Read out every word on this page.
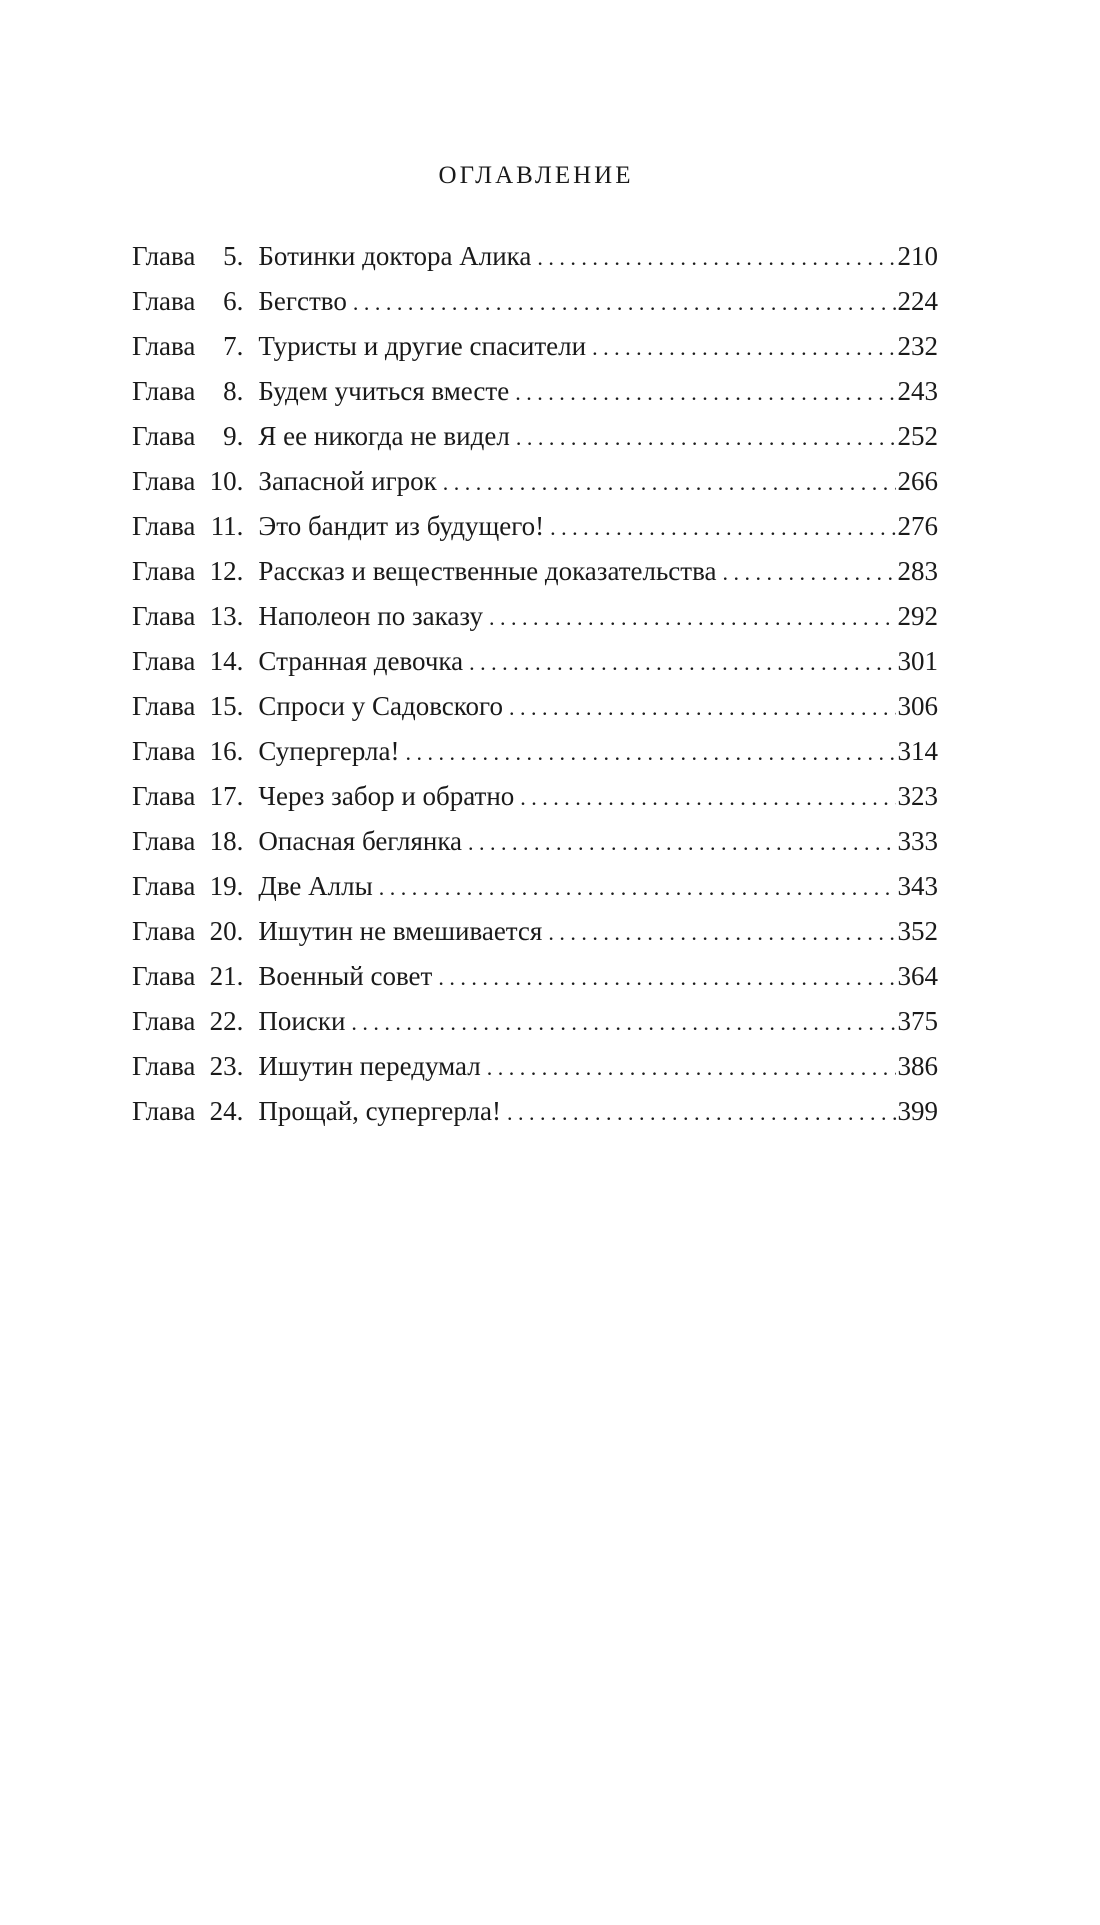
ОГЛАВЛЕНИЕ
Глава	5. Ботинки доктора Алика . . .	210
Глава	6. Бегство . . .	224
Глава	7. Туристы и другие спасители . . .	232
Глава	8. Будем учиться вместе . . .	243
Глава	9. Я ее никогда не видел . . .	252
Глава 10. Запасной игрок . . .	266
Глава 11. Это бандит из будущего! . . .	276
Глава 12. Рассказ и вещественные доказательства . . .	283
Глава 13. Наполеон по заказу . . .	292
Глава 14. Странная девочка . . .	301
Глава 15. Спроси у Садовского . . .	306
Глава 16. Супергерла! . . .	314
Глава 17. Через забор и обратно . . .	323
Глава 18. Опасная беглянка . . .	333
Глава 19. Две Аллы . . .	343
Глава 20. Ишутин не вмешивается . . .	352
Глава 21. Военный совет . . .	364
Глава 22. Поиски . . .	375
Глава 23. Ишутин передумал . . .	386
Глава 24. Прощай, супергерла! . . .	399
